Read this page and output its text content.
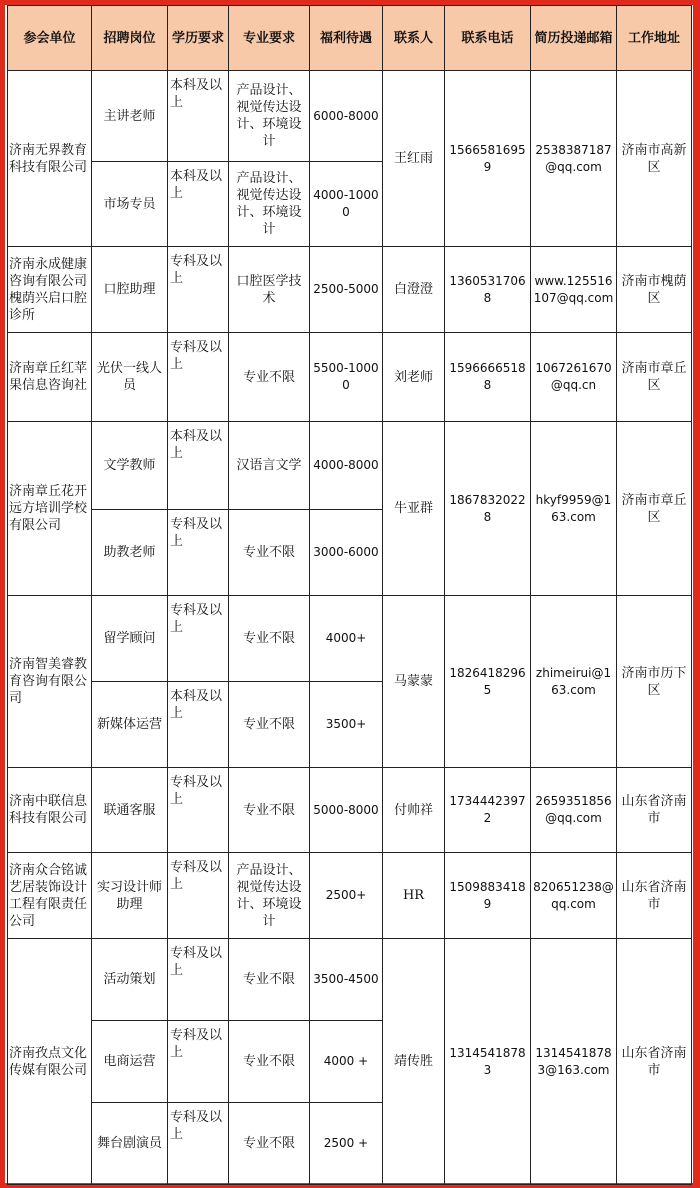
参会单位	招聘岗位	学历要求	专业要求	福利待遇	联系人	联系电话	简历投递邮箱	工作地址
济南无界教育科技有限公司	主讲老师	本科及以上	产品设计、视觉传达设计、环境设计	6000-8000	王红雨	15665816959	2538387187@qq.com	济南市高新区
	市场专员	本科及以上	产品设计、视觉传达设计、环境设计	4000-10000				
济南永成健康咨询有限公司槐荫兴启口腔诊所	口腔助理	专科及以上	口腔医学技术	2500-5000	白澄澄	13605317068	www.125516107@qq.com	济南市槐荫区
济南章丘红苹果信息咨询社	光伏一线人员	专科及以上	专业不限	5500-10000	刘老师	15966665188	1067261670@qq.cn	济南市章丘区
济南章丘花开远方培训学校有限公司	文学教师	本科及以上	汉语言文学	4000-8000	牛亚群	18678320228	hkyf9959@163.com	济南市章丘区
	助教老师	专科及以上	专业不限	3000-6000				
济南智美睿教育咨询有限公司	留学顾问	专科及以上	专业不限	4000+	马蒙蒙	18264182965	zhimeirui@163.com	济南市历下区
	新媒体运营	本科及以上	专业不限	3500+				
济南中联信息科技有限公司	联通客服	专科及以上	专业不限	5000-8000	付帅祥	17344423972	2659351856@qq.com	山东省济南市
济南众合铭诚艺居装饰设计工程有限责任公司	实习设计师助理	专科及以上	产品设计、视觉传达设计、环境设计	2500+	HR	15098834189	820651238@qq.com	山东省济南市
济南孜点文化传媒有限公司	活动策划	专科及以上	专业不限	3500-4500	靖传胜	13145418783	13145418783@163.com	山东省济南市
	电商运营	专科及以上	专业不限	4000 +				
	舞台剧演员	专科及以上	专业不限	2500 +				
